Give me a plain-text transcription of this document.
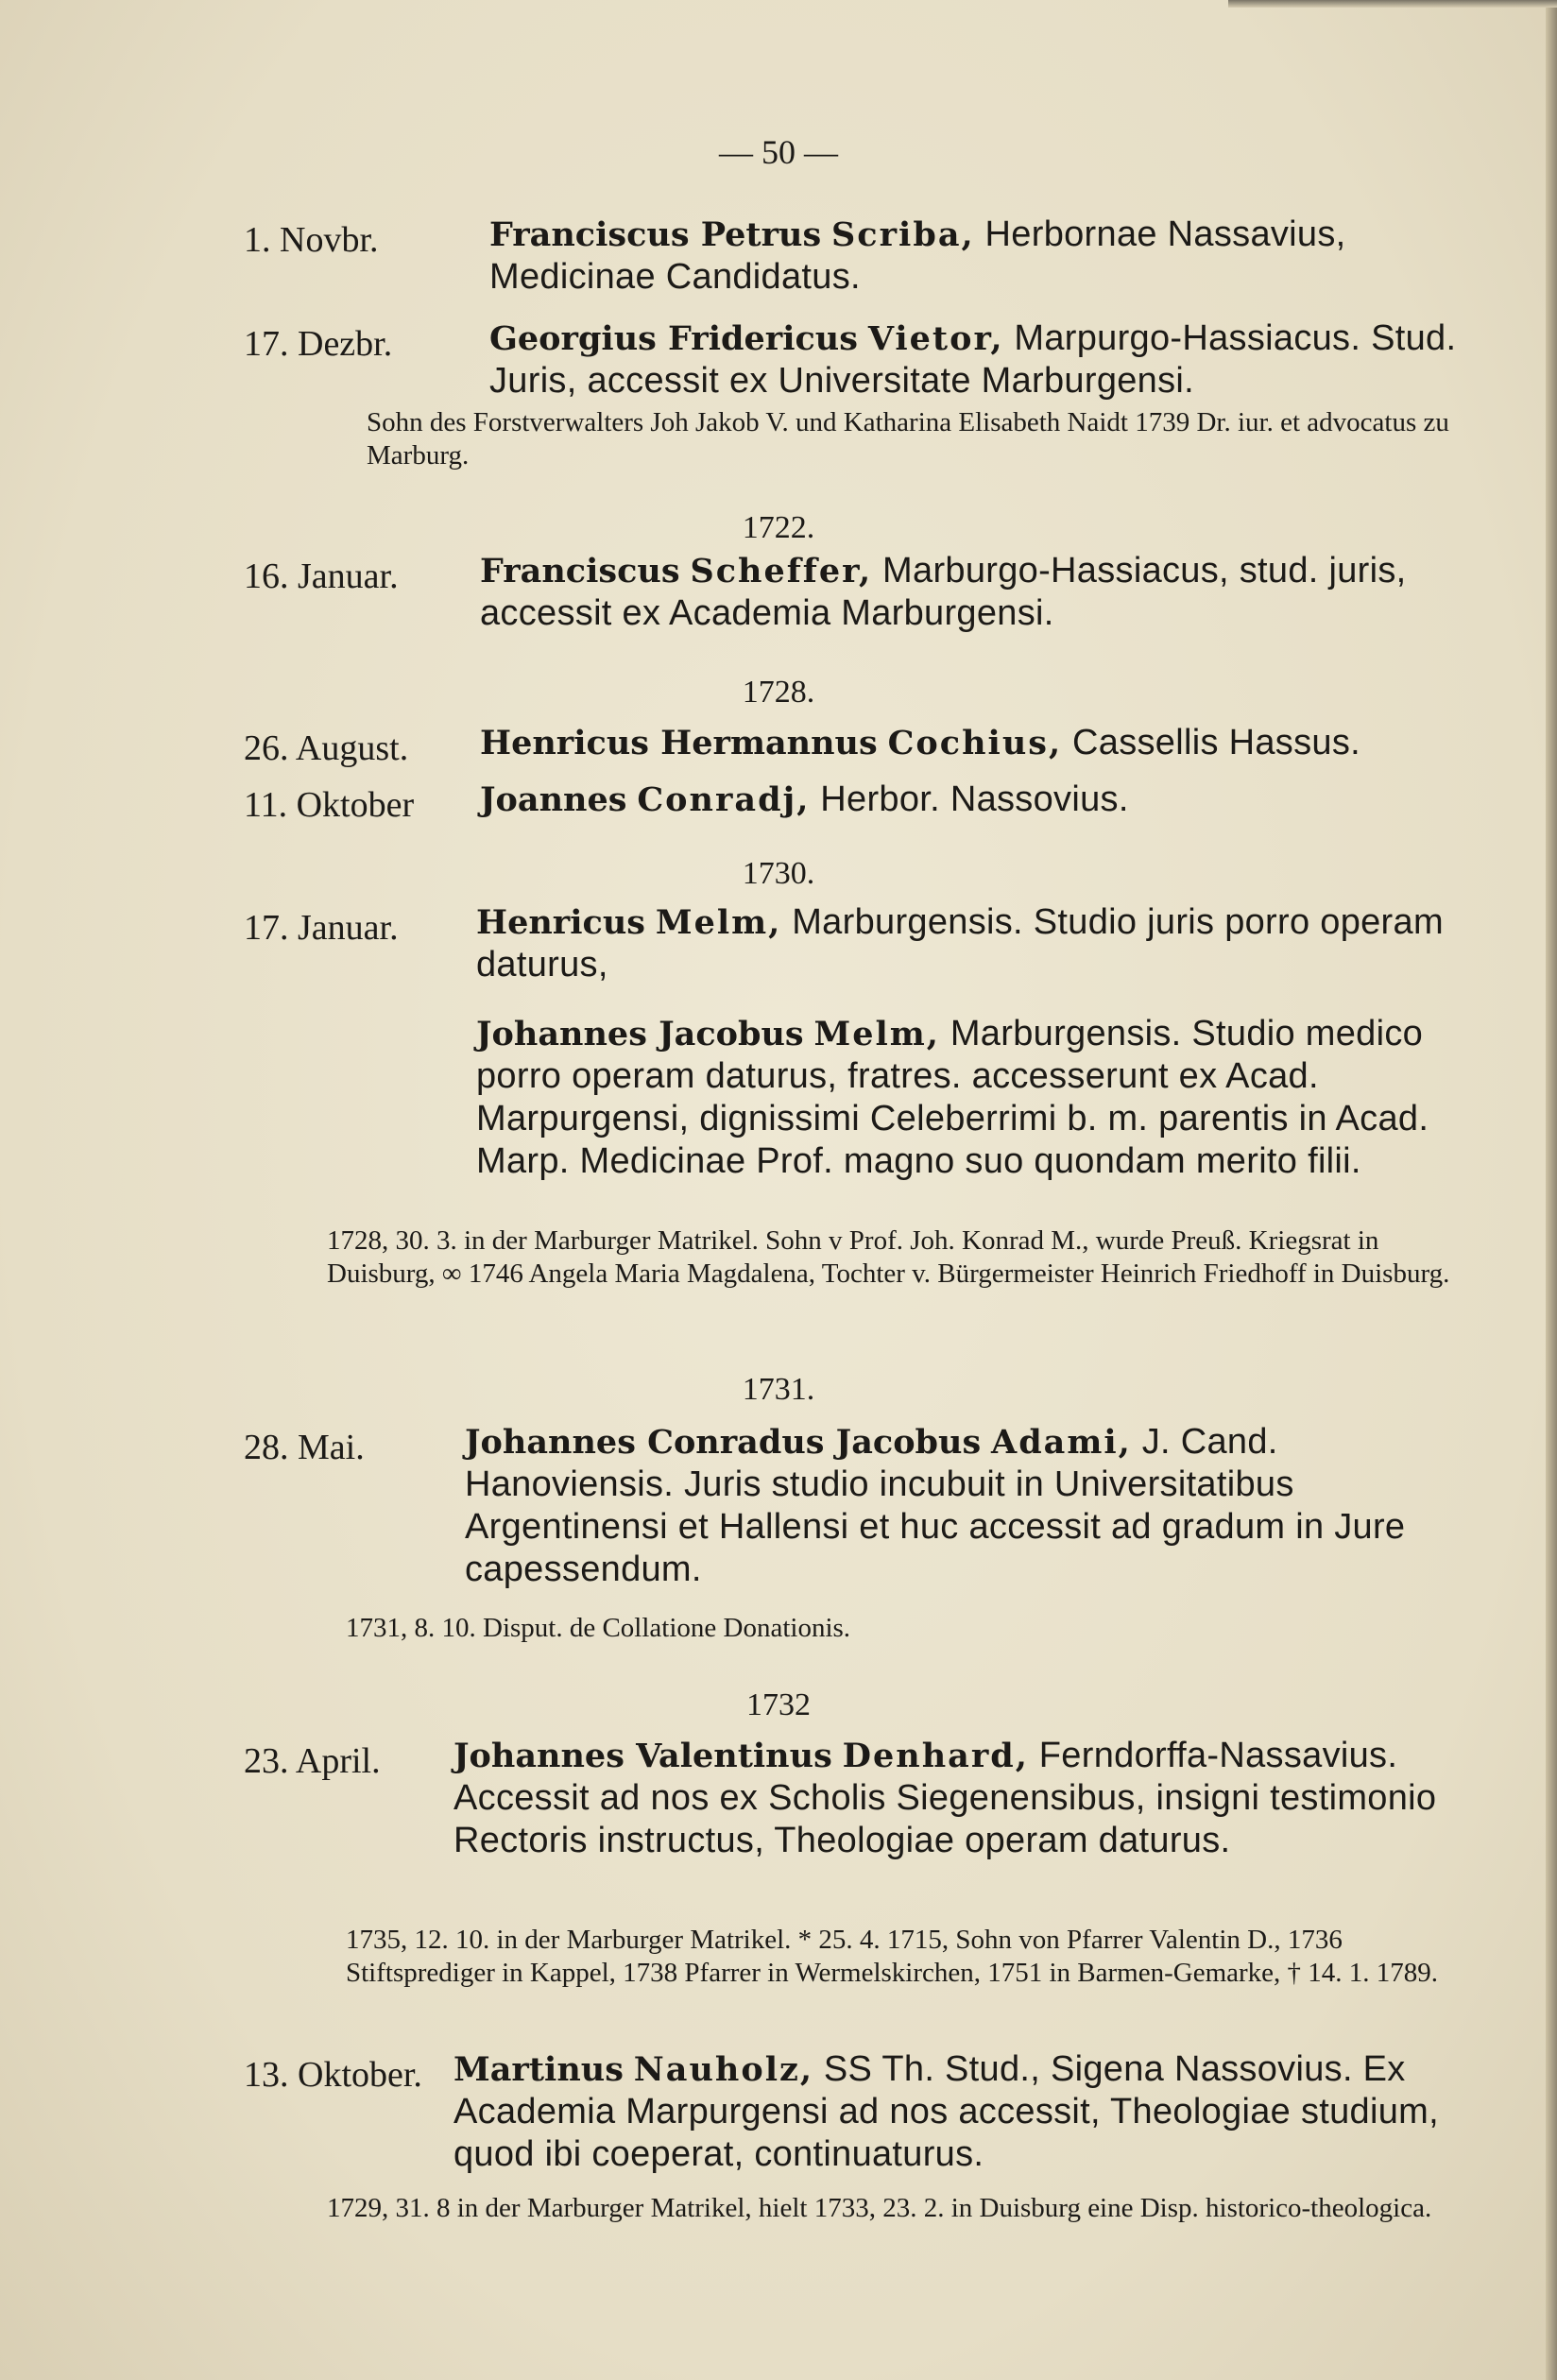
— 50 —
1. Novbr.	Franciscus Petrus Scriba, Herbornae Nassavius, Medicinae Candidatus.
17. Dezbr.	Georgius Fridericus Vietor, Marpurgo-Hassiacus. Stud. Juris, accessit ex Universitate Marburgensi.
Sohn des Forstverwalters Joh Jakob V. und Katharina Elisabeth Naidt 1739 Dr. iur. et advocatus zu Marburg.
1722.
16. Januar. Franciscus Scheffer, Marburgo-Hassiacus, stud. juris, accessit ex Academia Marburgensi.
1728.
26. August. Henricus Hermannus Cochius, Cassellis Hassus.
11. Oktober Joannes Conradj, Herbor. Nassovius.
1730.
17. Januar. Henricus Melm, Marburgensis. Studio juris porro operam daturus,
Johannes Jacobus Melm, Marburgensis. Studio medico porro operam daturus, fratres. accesserunt ex Acad. Marpurgensi, dignissimi Celeberrimi b. m. parentis in Acad. Marp. Medicinae Prof. magno suo quondam merito filii.
1728, 30. 3. in der Marburger Matrikel. Sohn v Prof. Joh. Konrad M., wurde Preuß. Kriegsrat in Duisburg, ∞ 1746 Angela Maria Magdalena, Tochter v. Bürgermeister Heinrich Friedhoff in Duisburg.
1731.
28. Mai.	Johannes Conradus Jacobus Adami, J. Cand. Hanoviensis. Juris studio incubuit in Universitatibus Argentinensi et Hallensi et huc accessit ad gradum in Jure capessendum.
1731, 8. 10. Disput. de Collatione Donationis.
1732
23. April. Johannes Valentinus Denhard, Ferndorffa-Nassavius. Accessit ad nos ex Scholis Siegenensibus, insigni testimonio Rectoris instructus, Theologiae operam daturus.
1735, 12. 10. in der Marburger Matrikel. * 25. 4. 1715, Sohn von Pfarrer Valentin D., 1736 Stiftsprediger in Kappel, 1738 Pfarrer in Wermelskirchen, 1751 in Barmen-Gemarke, † 14. 1. 1789.
13. Oktober. Martinus Nauholz, SS Th. Stud., Sigena Nassovius. Ex Academia Marpurgensi ad nos accessit, Theologiae studium, quod ibi coeperat, continuaturus.
1729, 31. 8 in der Marburger Matrikel, hielt 1733, 23. 2. in Duisburg eine Disp. historico-theologica.
